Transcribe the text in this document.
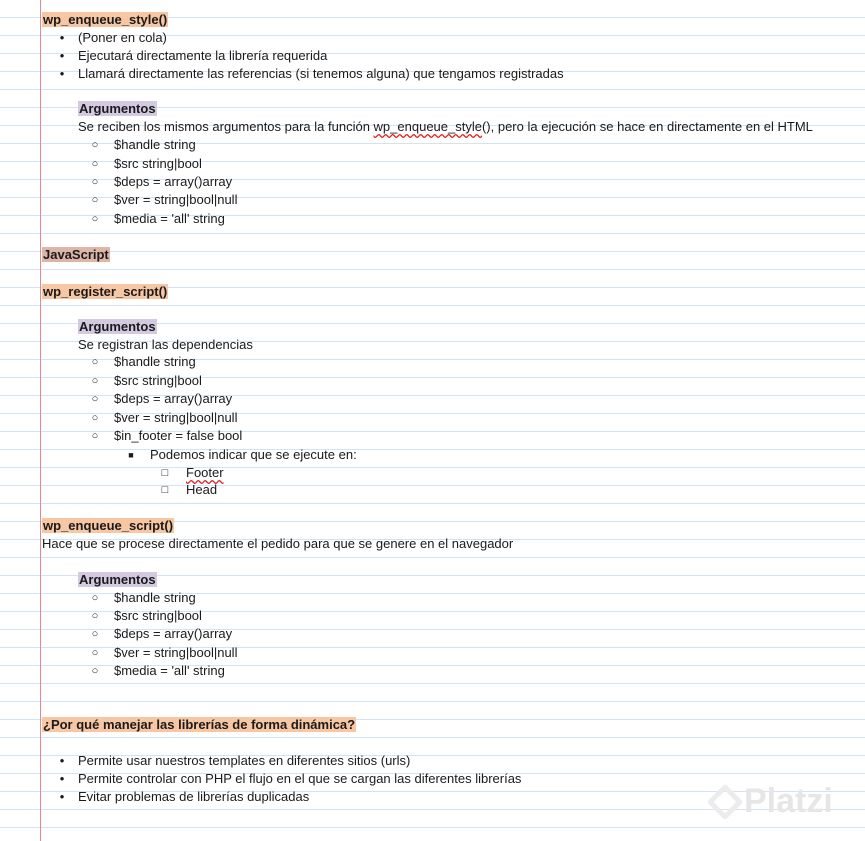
wp_enqueue_style()
• (Poner en cola)
• Ejecutará directamente la librería requerida
• Llamará directamente las referencias (si tenemos alguna) que tengamos registradas
Argumentos
Se reciben los mismos argumentos para la función wp_enqueue_style(), pero la ejecución se hace en directamente en el HTML
○ $handle string
○ $src string|bool
○ $deps = array()array
○ $ver = string|bool|null
○ $media = 'all' string
JavaScript
wp_register_script()
Argumentos
Se registran las dependencias
○ $handle string
○ $src string|bool
○ $deps = array()array
○ $ver = string|bool|null
○ $in_footer = false bool
■ Podemos indicar que se ejecute en:
□ Footer
□ Head
wp_enqueue_script()
Hace que se procese directamente el pedido para que se genere en el navegador
Argumentos
○ $handle string
○ $src string|bool
○ $deps = array()array
○ $ver = string|bool|null
○ $media = 'all' string
¿Por qué manejar las librerías de forma dinámica?
• Permite usar nuestros templates en diferentes sitios (urls)
• Permite controlar con PHP el flujo en el que se cargan las diferentes librerías
• Evitar problemas de librerías duplicadas	Platzi
